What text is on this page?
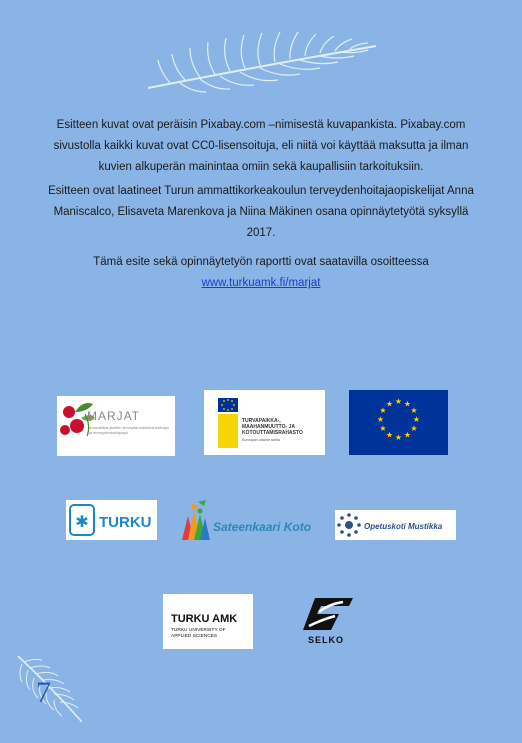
Esitteen kuvat ovat peräisin Pixabay.com –nimisestä kuvapankista. Pixabay.com sivustolla kaikki kuvat ovat CC0-lisensoituja, eli niitä voi käyttää maksutta ja ilman kuvien alkuperän mainintaa omiin sekä kaupallisiin tarkoituksiin.

Esitteen ovat laatineet Turun ammattikorkeakoulun terveydenhoitajaopiskelijat Anna Maniscalco, Elisaveta Marenkova ja Niina Mäkinen osana opinnäytetyötä syksyllä 2017.

Tämä esite sekä opinnäytetyön raportti ovat saatavilla osoitteessa
www.turkuamk.fi/marjat

MARJAT
Ammattina yksilön terveyttä edistävä hoitotyö ja terveydenhoitajatyö
TURVAPAIKKA-,
MAAHANMUUTTO- JA
KOTOUTTAMISRAHASTO
Euroopan unionin tuella
★ ★
★
★
★
★
★
★
★
★
★
★
✱ TURKU	Sateenkaari Koto	Opetuskoti Mustikka
TURKU AMK
TURKU UNIVERSITY OF
APPLIED SCIENCES	SELKO
7
